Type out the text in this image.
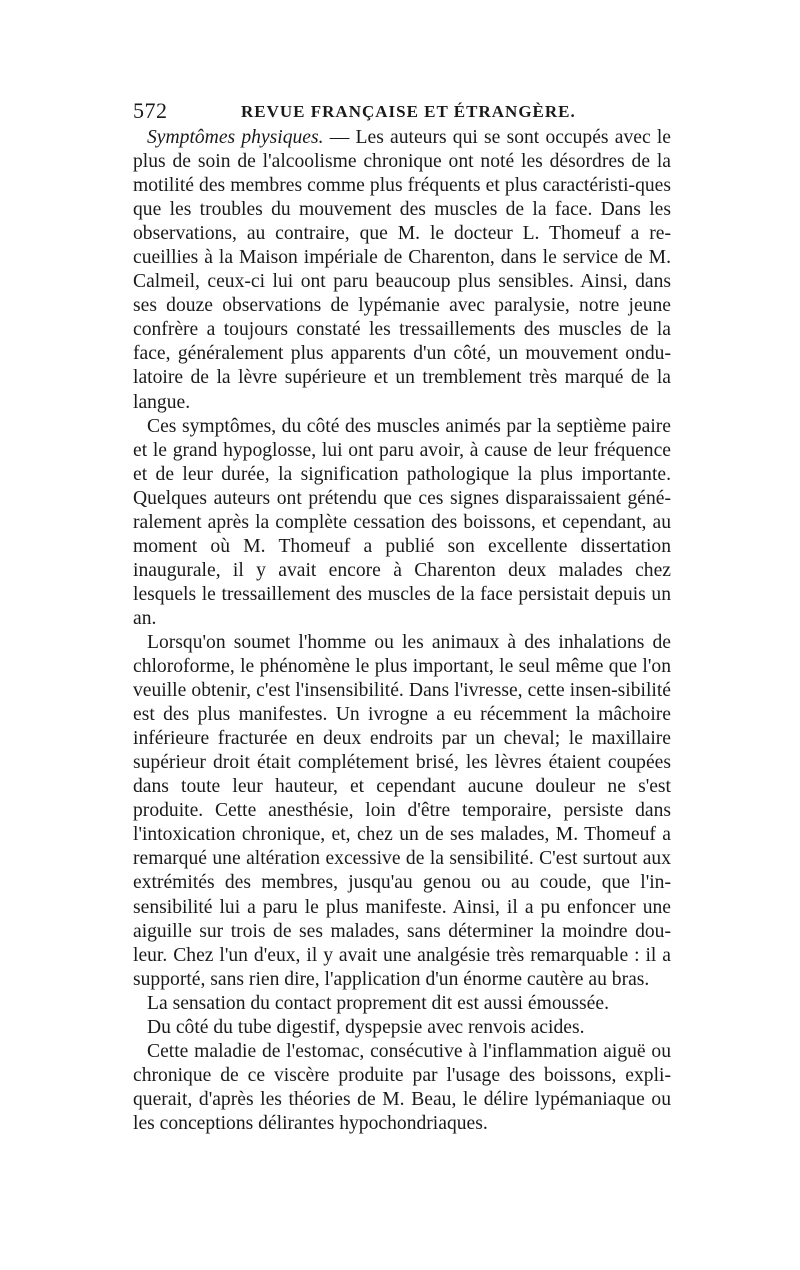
572	REVUE FRANÇAISE ET ÉTRANGÈRE.

Symptômes physiques. — Les auteurs qui se sont occupés avec le plus de soin de l'alcoolisme chronique ont noté les désordres de la motilité des membres comme plus fréquents et plus caractéristi-ques que les troubles du mouvement des muscles de la face. Dans les observations, au contraire, que M. le docteur L. Thomeuf a re-cueillies à la Maison impériale de Charenton, dans le service de M. Calmeil, ceux-ci lui ont paru beaucoup plus sensibles. Ainsi, dans ses douze observations de lypémanie avec paralysie, notre jeune confrère a toujours constaté les tressaillements des muscles de la face, généralement plus apparents d'un côté, un mouvement ondu-latoire de la lèvre supérieure et un tremblement très marqué de la langue.

Ces symptômes, du côté des muscles animés par la septième paire et le grand hypoglosse, lui ont paru avoir, à cause de leur fréquence et de leur durée, la signification pathologique la plus importante. Quelques auteurs ont prétendu que ces signes disparaissaient géné-ralement après la complète cessation des boissons, et cependant, au moment où M. Thomeuf a publié son excellente dissertation inaugurale, il y avait encore à Charenton deux malades chez lesquels le tressaillement des muscles de la face persistait depuis un an.

Lorsqu'on soumet l'homme ou les animaux à des inhalations de chloroforme, le phénomène le plus important, le seul même que l'on veuille obtenir, c'est l'insensibilité. Dans l'ivresse, cette insen-sibilité est des plus manifestes. Un ivrogne a eu récemment la mâchoire inférieure fracturée en deux endroits par un cheval; le maxillaire supérieur droit était complétement brisé, les lèvres étaient coupées dans toute leur hauteur, et cependant aucune douleur ne s'est produite. Cette anesthésie, loin d'être temporaire, persiste dans l'intoxication chronique, et, chez un de ses malades, M. Thomeuf a remarqué une altération excessive de la sensibilité. C'est surtout aux extrémités des membres, jusqu'au genou ou au coude, que l'in-sensibilité lui a paru le plus manifeste. Ainsi, il a pu enfoncer une aiguille sur trois de ses malades, sans déterminer la moindre dou-leur. Chez l'un d'eux, il y avait une analgésie très remarquable : il a supporté, sans rien dire, l'application d'un énorme cautère au bras.

La sensation du contact proprement dit est aussi émoussée.

Du côté du tube digestif, dyspepsie avec renvois acides.

Cette maladie de l'estomac, consécutive à l'inflammation aiguë ou chronique de ce viscère produite par l'usage des boissons, expli-querait, d'après les théories de M. Beau, le délire lypémaniaque ou les conceptions délirantes hypochondriaques.
